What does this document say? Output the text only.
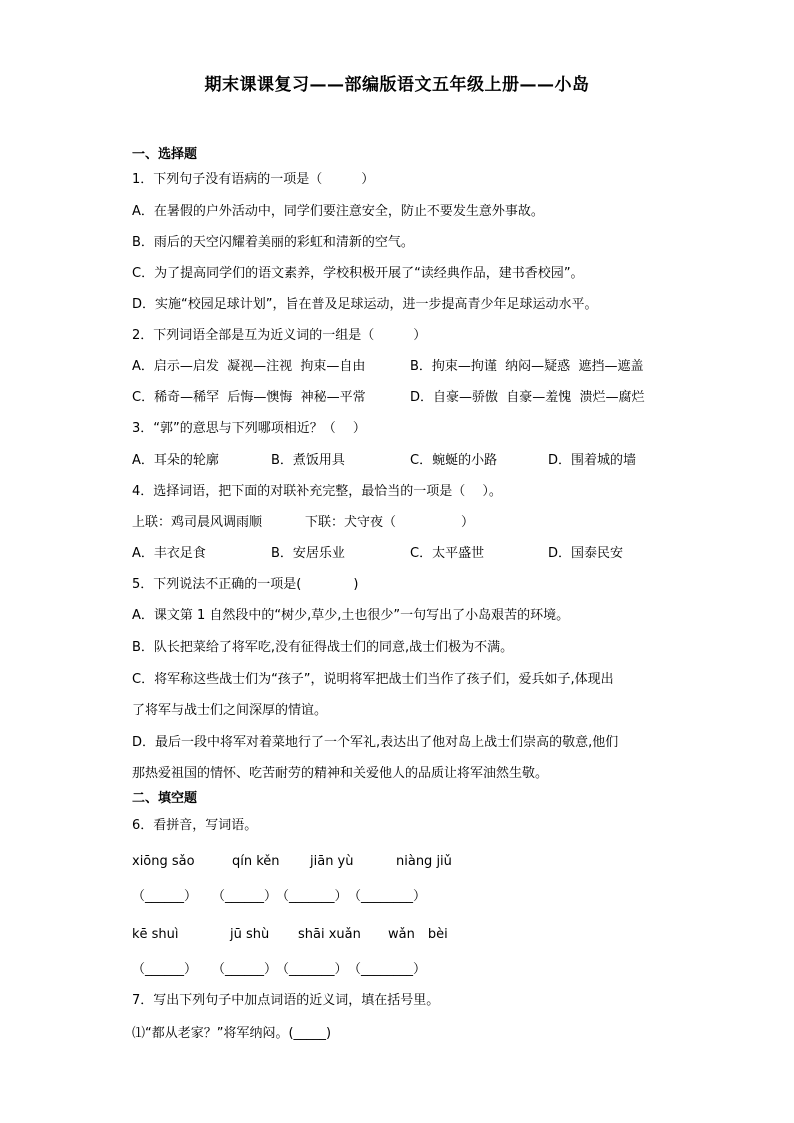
期末课课复习——部编版语文五年级上册——小岛
一、选择题
1．下列句子没有语病的一项是（　　　）
A．在暑假的户外活动中，同学们要注意安全，防止不要发生意外事故。
B．雨后的天空闪耀着美丽的彩虹和清新的空气。
C．为了提高同学们的语文素养，学校积极开展了“读经典作品，建书香校园”。
D．实施“校园足球计划”，旨在普及足球运动，进一步提高青少年足球运动水平。
2．下列词语全部是互为近义词的一组是（　　　）
A．启示—启发  凝视—注视  拘束—自由	B．拘束—拘谨  纳闷—疑惑  遮挡—遮盖
C．稀奇—稀罕  后悔—懊悔  神秘—平常	D．自豪—骄傲  自豪—羞愧  溃烂—腐烂
3．“郭”的意思与下列哪项相近？（　 ）
A．耳朵的轮廓	B．煮饭用具	C．蜿蜒的小路	D．围着城的墙
4．选择词语，把下面的对联补充完整，最恰当的一项是（　 ）。
上联：鸡司晨风调雨顺	下联：犬守夜（　　　　　）
A．丰衣足食	B．安居乐业	C．太平盛世	D．国泰民安
5．下列说法不正确的一项是(　　　　)
A．课文第 1 自然段中的“树少,草少,土也很少”一句写出了小岛艰苦的环境。
B．队长把菜给了将军吃,没有征得战士们的同意,战士们极为不满。
C．将军称这些战士们为“孩子”，说明将军把战士们当作了孩子们，爱兵如子,体现出
了将军与战士们之间深厚的情谊。
D．最后一段中将军对着菜地行了一个军礼,表达出了他对岛上战士们崇高的敬意,他们
那热爱祖国的情怀、吃苦耐劳的精神和关爱他人的品质让将军油然生敬。
二、填空题
6．看拼音，写词语。
xiōng sǎo	qín kěn jiān yù	niàng jiǔ
（______） （______）
（_______） （________）
kē shuì	jū shù shāi xuǎn wǎn　bèi
（______） （______）
（_______） （________）
7．写出下列句子中加点词语的近义词，填在括号里。
⑴“都从老家？”将军纳闷。(_____)
